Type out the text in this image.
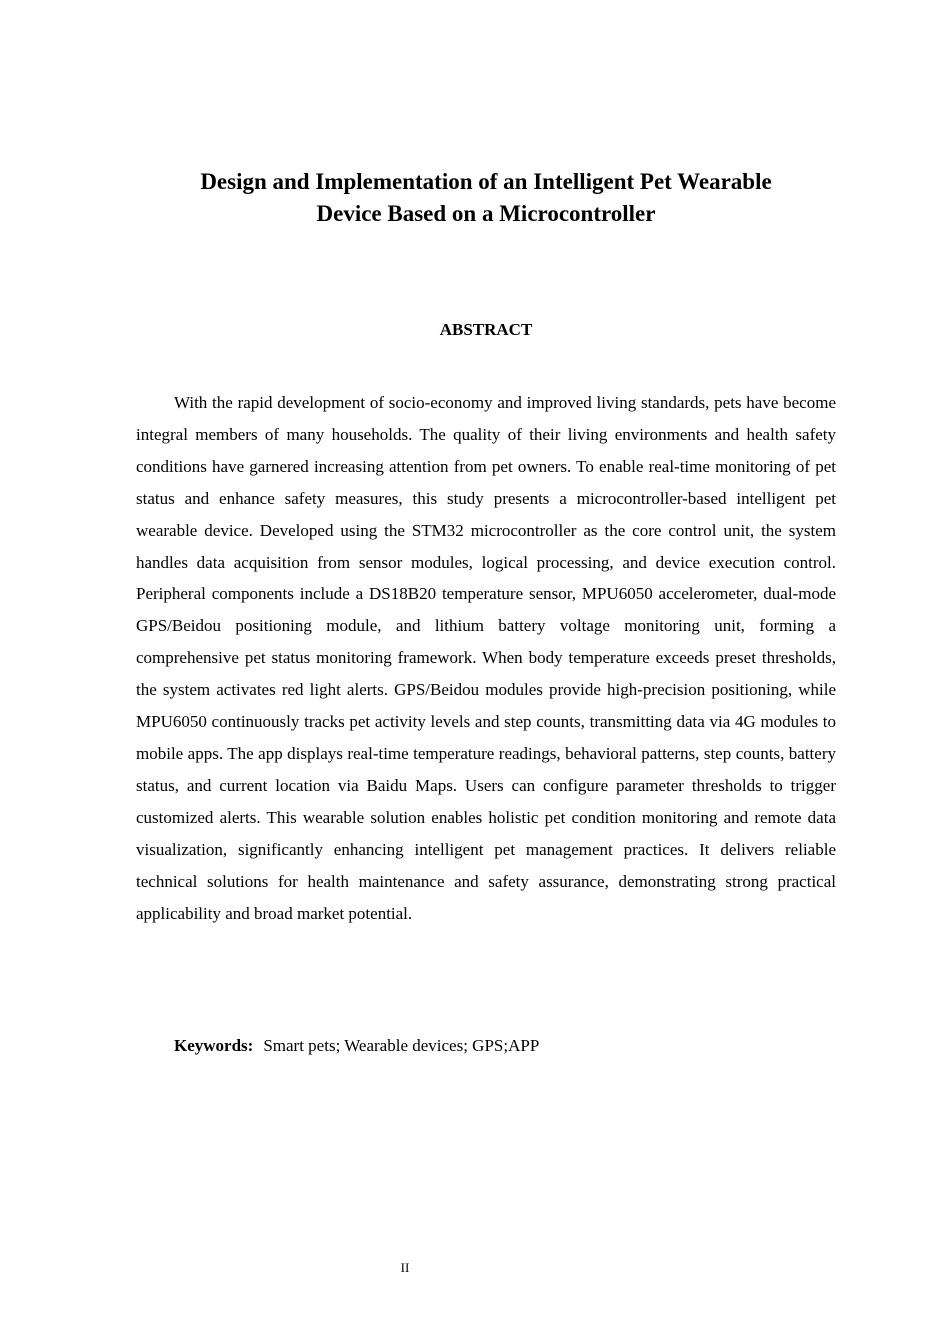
Design and Implementation of an Intelligent Pet Wearable
Device Based on a Microcontroller
ABSTRACT

With the rapid development of socio-economy and improved living standards, pets have become integral members of many households. The quality of their living environments and health safety conditions have garnered increasing attention from pet owners. To enable real-time monitoring of pet status and enhance safety measures, this study presents a microcontroller-based intelligent pet wearable device. Developed using the STM32 microcontroller as the core control unit, the system handles data acquisition from sensor modules, logical processing, and device execution control. Peripheral components include a DS18B20 temperature sensor, MPU6050 accelerometer, dual-mode GPS/Beidou positioning module, and lithium battery voltage monitoring unit, forming a comprehensive pet status monitoring framework. When body temperature exceeds preset thresholds, the system activates red light alerts. GPS/Beidou modules provide high-precision positioning, while MPU6050 continuously tracks pet activity levels and step counts, transmitting data via 4G modules to mobile apps. The app displays real-time temperature readings, behavioral patterns, step counts, battery status, and current location via Baidu Maps. Users can configure parameter thresholds to trigger customized alerts. This wearable solution enables holistic pet condition monitoring and remote data visualization, significantly enhancing intelligent pet management practices. It delivers reliable technical solutions for health maintenance and safety assurance, demonstrating strong practical applicability and broad market potential.

Keywords: Smart pets; Wearable devices; GPS;APP

II
